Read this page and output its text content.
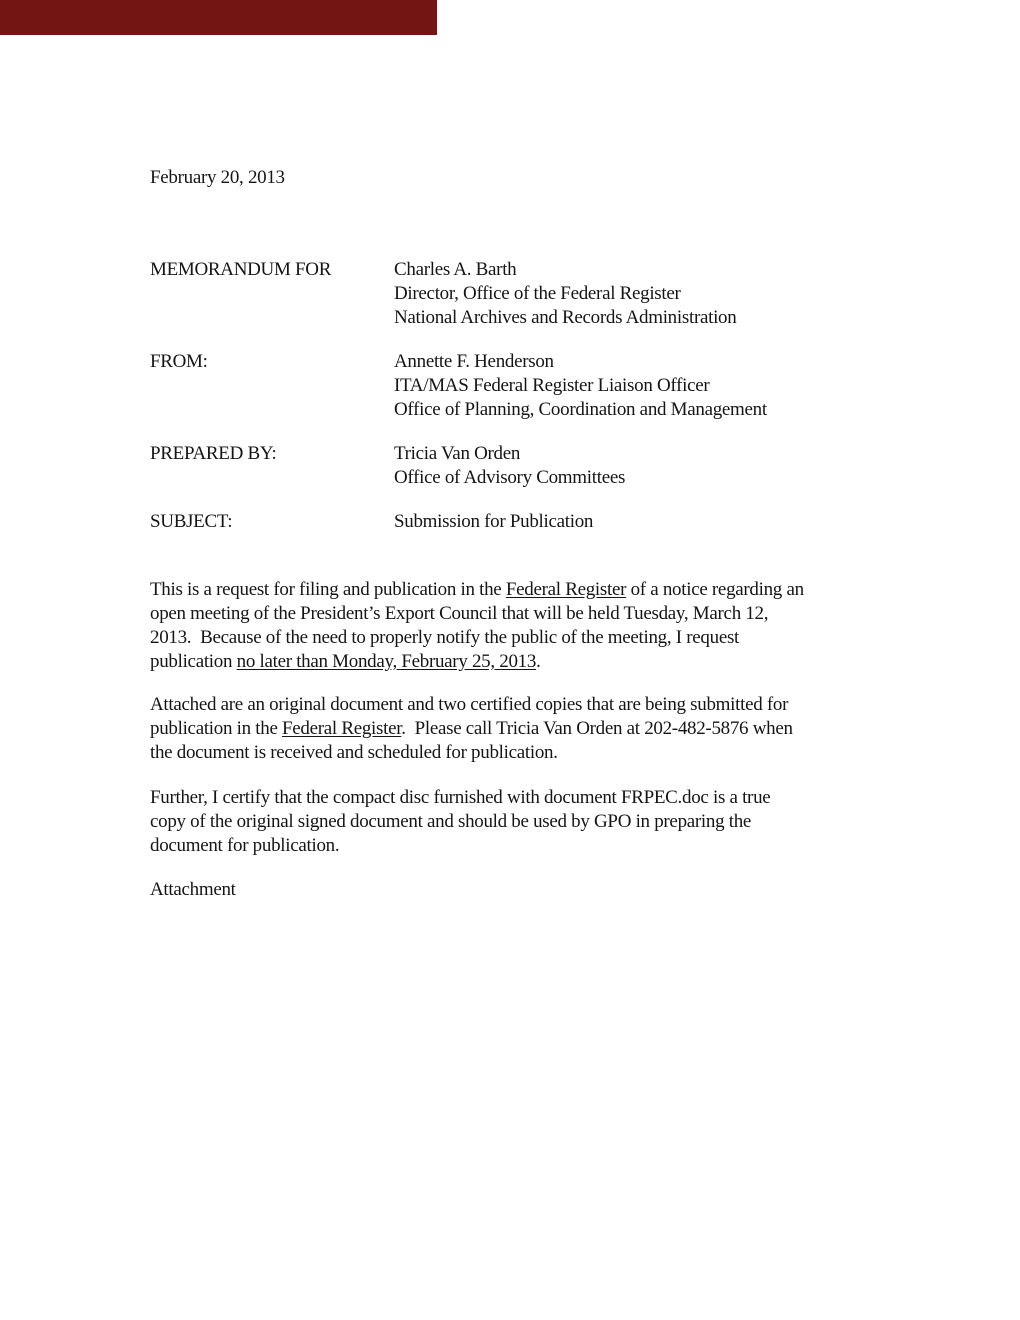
February 20, 2013
MEMORANDUM FOR	Charles A. Barth
Director, Office of the Federal Register
National Archives and Records Administration
FROM:	Annette F. Henderson
ITA/MAS Federal Register Liaison Officer
Office of Planning, Coordination and Management
PREPARED BY:	Tricia Van Orden
Office of Advisory Committees
SUBJECT:	Submission for Publication
This is a request for filing and publication in the Federal Register of a notice regarding an
open meeting of the President’s Export Council that will be held Tuesday, March 12,
2013.  Because of the need to properly notify the public of the meeting, I request
publication no later than Monday, February 25, 2013.
Attached are an original document and two certified copies that are being submitted for
publication in the Federal Register.  Please call Tricia Van Orden at 202-482-5876 when
the document is received and scheduled for publication.
Further, I certify that the compact disc furnished with document FRPEC.doc is a true
copy of the original signed document and should be used by GPO in preparing the
document for publication.
Attachment
